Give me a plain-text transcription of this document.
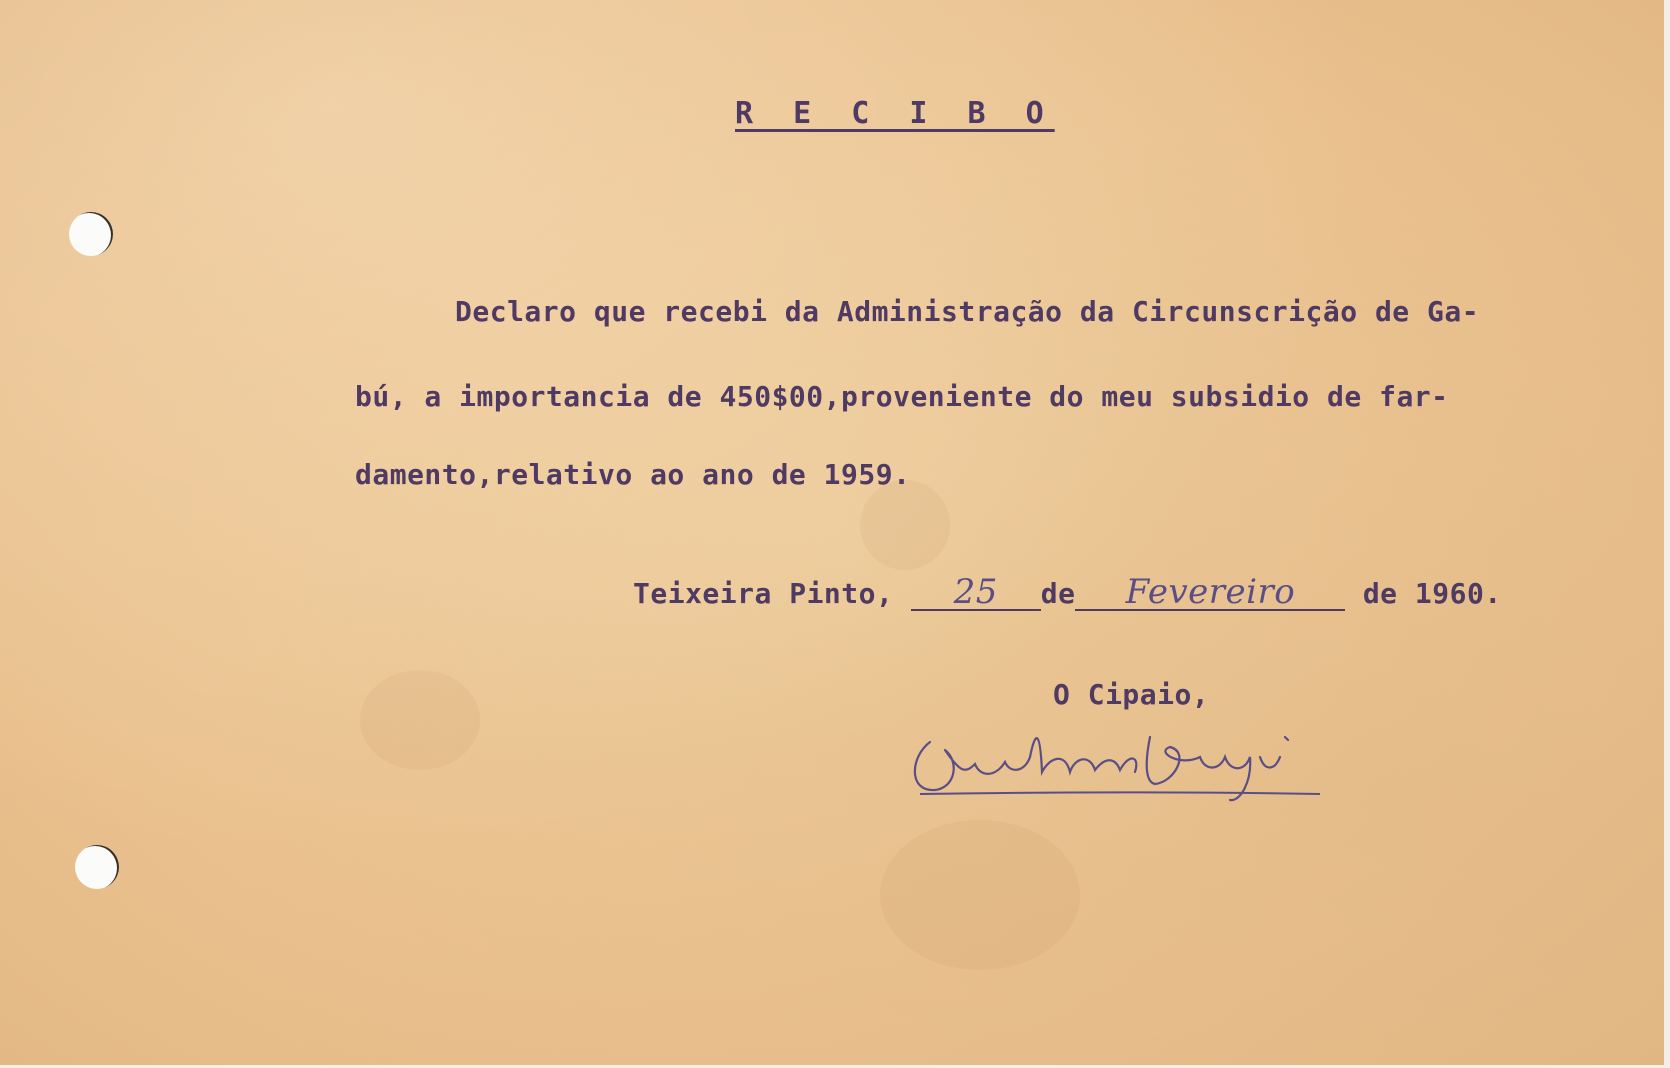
R E C I B O
Declaro que recebi da Administração da Circunscrição de Ga-
bú, a importancia de 450$00,proveniente do meu subsidio de far-
damento,relativo ao ano de 1959.
Teixeira Pinto, 25 de Fevereiro de 1960.
O Cipaio,
